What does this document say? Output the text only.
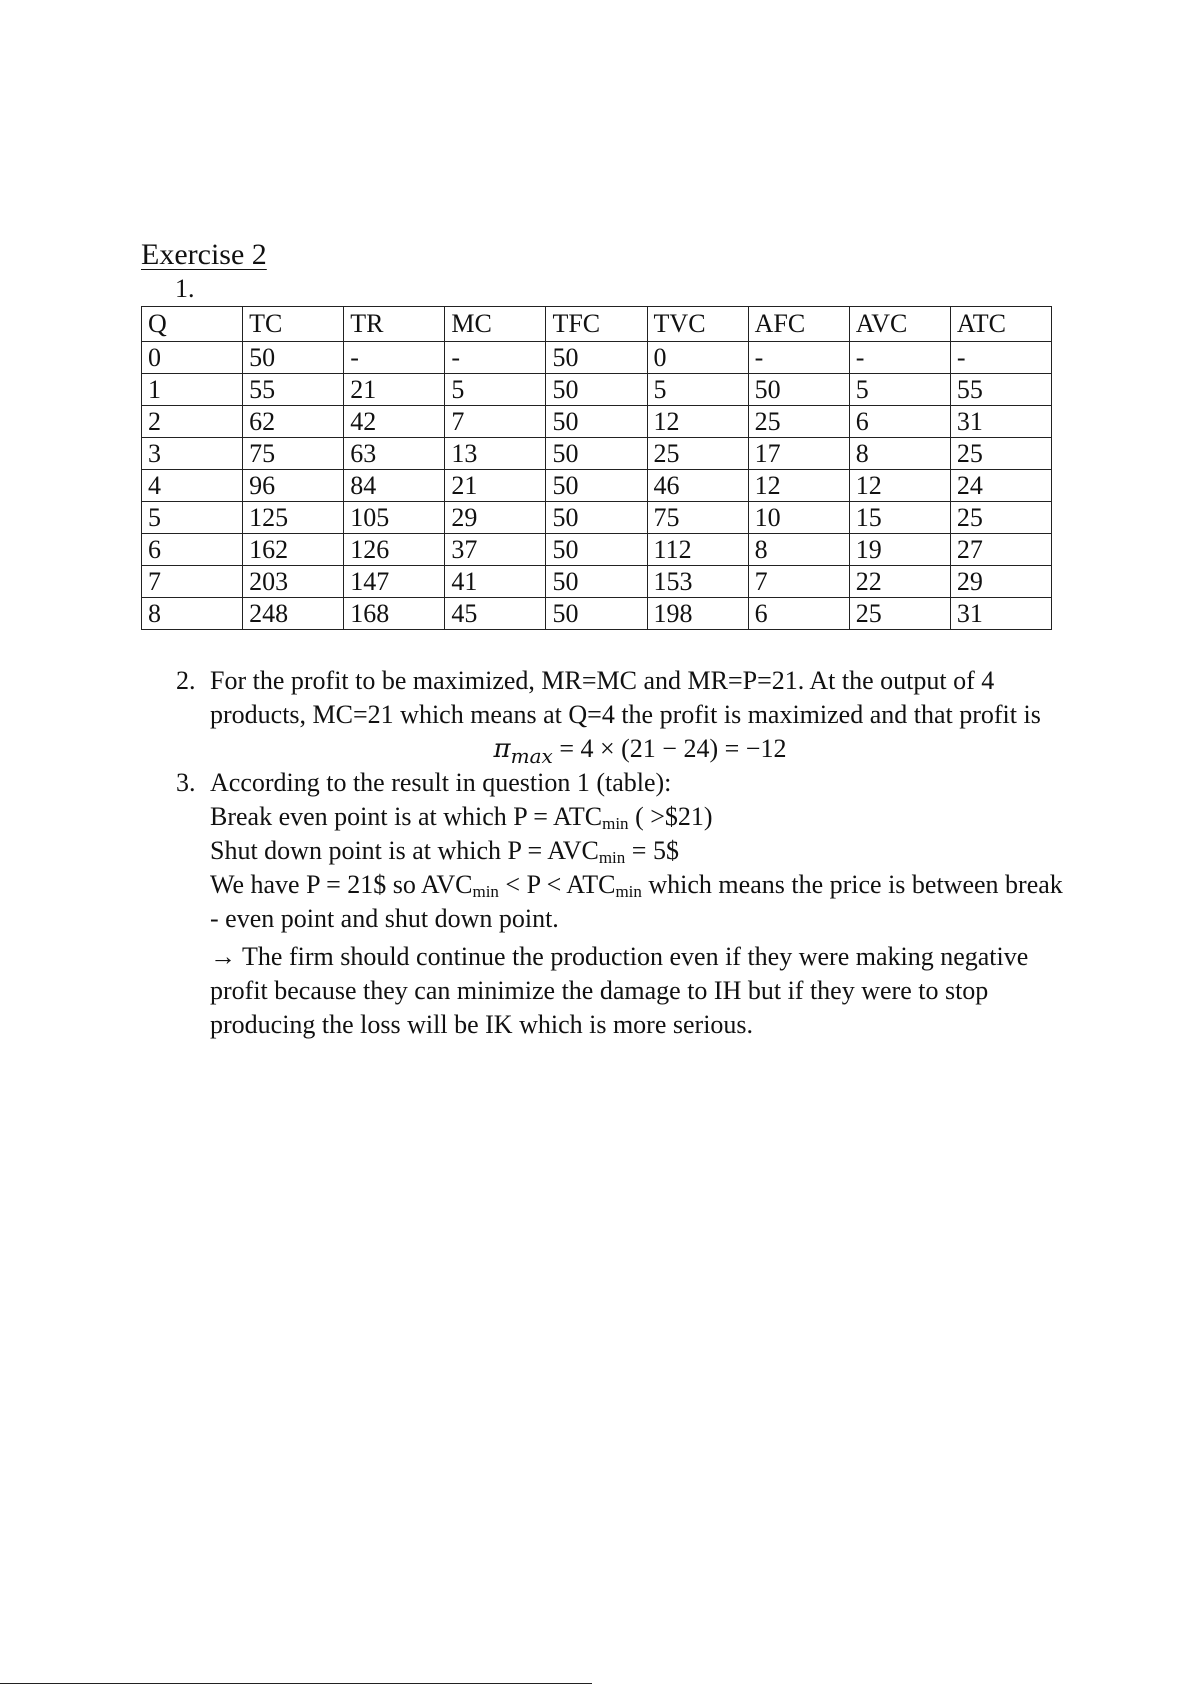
Exercise 2
1.
Q	TC	TR	MC	TFC	TVC	AFC	AVC	ATC
0	50	-	-	50	0	-	-	-
1	55	21	5	50	5	50	5	55
2	62	42	7	50	12	25	6	31
3	75	63	13	50	25	17	8	25
4	96	84	21	50	46	12	12	24
5	125	105	29	50	75	10	15	25
6	162	126	37	50	112	8	19	27
7	203	147	41	50	153	7	22	29
8	248	168	45	50	198	6	25	31
2. For the profit to be maximized, MR=MC and MR=P=21. At the output of 4 products, MC=21 which means at Q=4 the profit is maximized and that profit is

$\pi_{max} = 4 \times (21 - 24) = -12$

3. According to the result in question 1 (table):

Break even point is at which $P = ATC_{min}$ ( >$21)

Shut down point is at which $P = AVC_{min}$ = 5$

We have P = 21$ so $AVC_{min} < P < ATC_{min}$ which means the price is between break - even point and shut down point.

→ The firm should continue the production even if they were making negative profit because they can minimize the damage to IH but if they were to stop producing the loss will be IK which is more serious.
